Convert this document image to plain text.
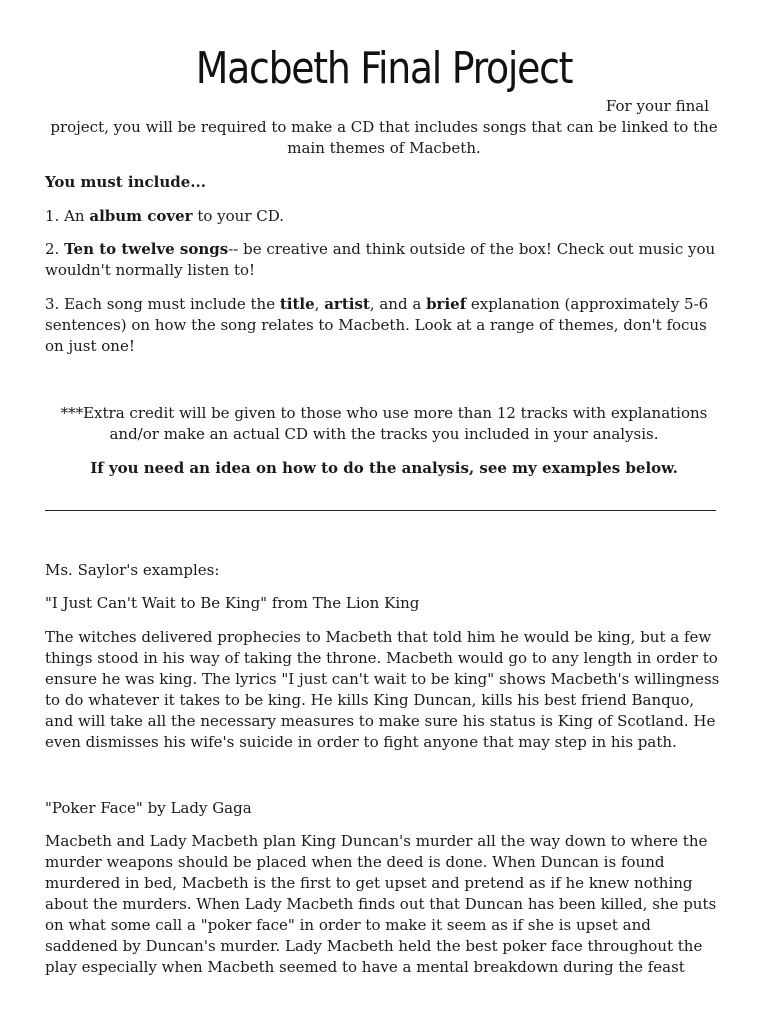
Macbeth Final Project
For your final
project, you will be required to make a CD that includes songs that can be linked to the main themes of Macbeth.
You must include...
1. An album cover to your CD.
2. Ten to twelve songs-- be creative and think outside of the box! Check out music you wouldn't normally listen to!
3. Each song must include the title, artist, and a brief explanation (approximately 5-6 sentences) on how the song relates to Macbeth. Look at a range of themes, don't focus on just one!
***Extra credit will be given to those who use more than 12 tracks with explanations and/or make an actual CD with the tracks you included in your analysis.
If you need an idea on how to do the analysis, see my examples below.
Ms. Saylor's examples:
"I Just Can't Wait to Be King" from The Lion King
The witches delivered prophecies to Macbeth that told him he would be king, but a few things stood in his way of taking the throne. Macbeth would go to any length in order to ensure he was king. The lyrics "I just can't wait to be king" shows Macbeth's willingness to do whatever it takes to be king. He kills King Duncan, kills his best friend Banquo, and will take all the necessary measures to make sure his status is King of Scotland. He even dismisses his wife's suicide in order to fight anyone that may step in his path.
"Poker Face" by Lady Gaga
Macbeth and Lady Macbeth plan King Duncan's murder all the way down to where the murder weapons should be placed when the deed is done. When Duncan is found murdered in bed, Macbeth is the first to get upset and pretend as if he knew nothing about the murders. When Lady Macbeth finds out that Duncan has been killed, she puts on what some call a "poker face" in order to make it seem as if she is upset and saddened by Duncan's murder. Lady Macbeth held the best poker face throughout the play especially when Macbeth seemed to have a mental breakdown during the feast
